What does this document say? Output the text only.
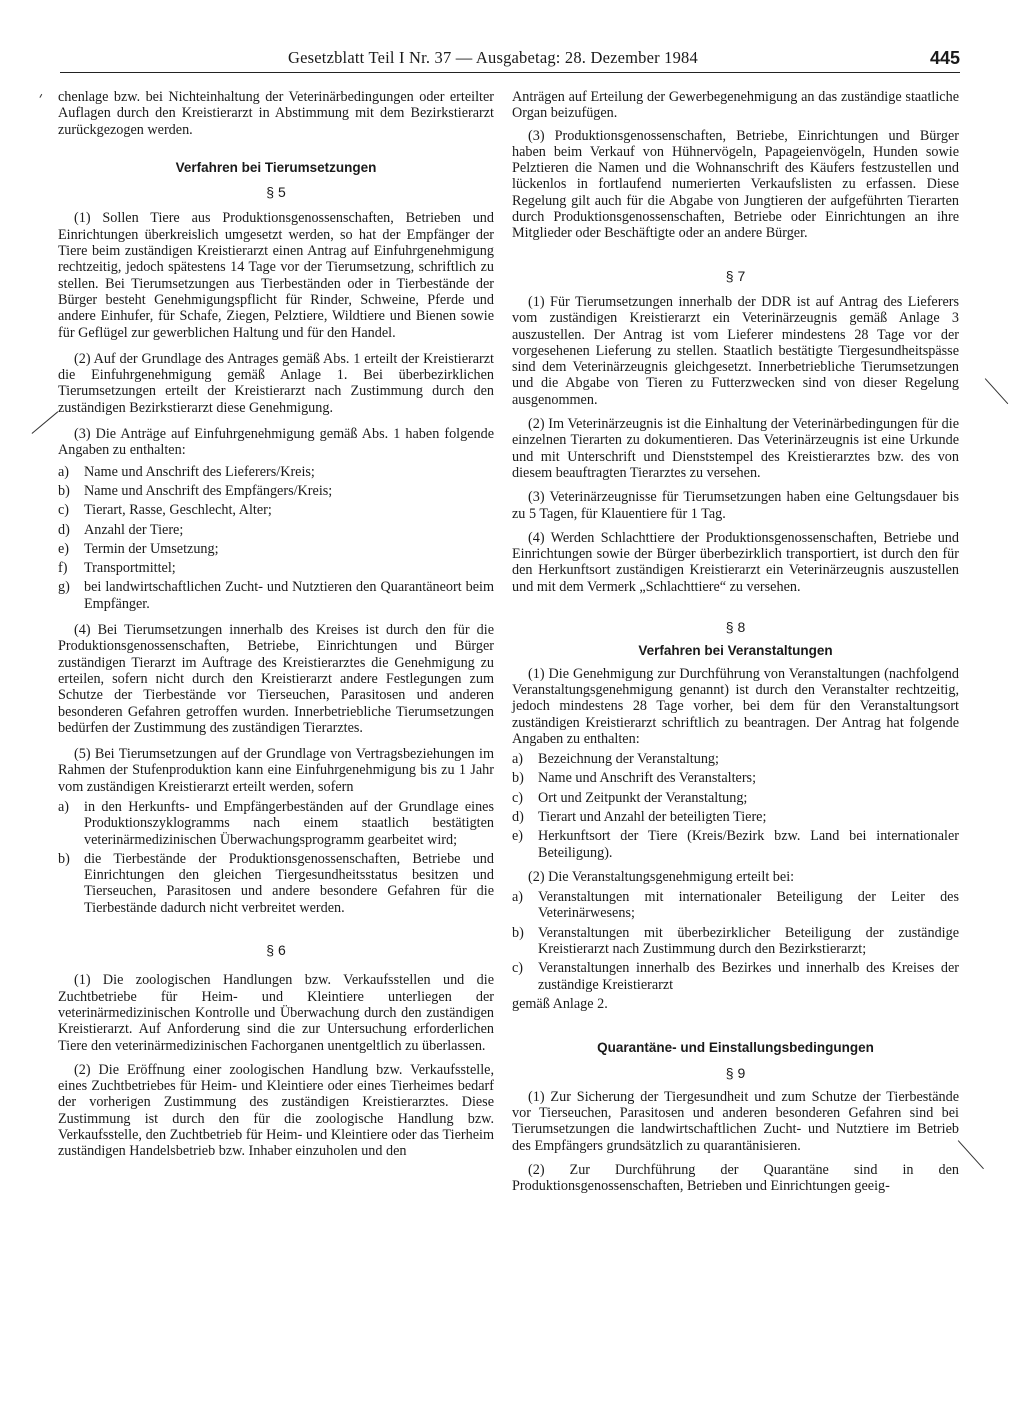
Gesetzblatt Teil I Nr. 37 — Ausgabetag: 28. Dezember 1984	445

chenlage bzw. bei Nichteinhaltung der Veterinärbedingungen oder erteilter Auflagen durch den Kreistierarzt in Abstimmung mit dem Bezirkstierarzt zurückgezogen werden.

Verfahren bei Tierumsetzungen

§ 5

(1) Sollen Tiere aus Produktionsgenossenschaften, Betrieben und Einrichtungen überkreislich umgesetzt werden, so hat der Empfänger der Tiere beim zuständigen Kreistierarzt einen Antrag auf Einfuhrgenehmigung rechtzeitig, jedoch spätestens 14 Tage vor der Tierumsetzung, schriftlich zu stellen. Bei Tierumsetzungen aus Tierbeständen oder in Tierbestände der Bürger besteht Genehmigungspflicht für Rinder, Schweine, Pferde und andere Einhufer, für Schafe, Ziegen, Pelztiere, Wildtiere und Bienen sowie für Geflügel zur gewerblichen Haltung und für den Handel.

(2) Auf der Grundlage des Antrages gemäß Abs. 1 erteilt der Kreistierarzt die Einfuhrgenehmigung gemäß Anlage 1. Bei überbezirklichen Tierumsetzungen erteilt der Kreistierarzt nach Zustimmung durch den zuständigen Bezirkstierarzt diese Genehmigung.

(3) Die Anträge auf Einfuhrgenehmigung gemäß Abs. 1 haben folgende Angaben zu enthalten:

a)	Name und Anschrift des Lieferers/Kreis;
b) Name und Anschrift des Empfängers/Kreis;
c)	Tierart, Rasse, Geschlecht, Alter;
d) Anzahl der Tiere;
e)	Termin der Umsetzung;
f)	Transportmittel;
g) bei landwirtschaftlichen Zucht- und Nutztieren den Quarantäneort beim Empfänger.

(4) Bei Tierumsetzungen innerhalb des Kreises ist durch den für die Produktionsgenossenschaften, Betriebe, Einrichtungen und Bürger zuständigen Tierarzt im Auftrage des Kreistierarztes die Genehmigung zu erteilen, sofern nicht durch den Kreistierarzt andere Festlegungen zum Schutze der Tierbestände vor Tierseuchen, Parasitosen und anderen besonderen Gefahren getroffen wurden. Innerbetriebliche Tierumsetzungen bedürfen der Zustimmung des zuständigen Tierarztes.

(5) Bei Tierumsetzungen auf der Grundlage von Vertragsbeziehungen im Rahmen der Stufenproduktion kann eine Einfuhrgenehmigung bis zu 1 Jahr vom zuständigen Kreistierarzt erteilt werden, sofern

a)	in den Herkunfts- und Empfängerbeständen auf der Grundlage eines Produktionszyklogramms nach einem staatlich bestätigten veterinärmedizinischen Überwachungsprogramm gearbeitet wird;
b) die Tierbestände der Produktionsgenossenschaften, Betriebe und Einrichtungen den gleichen Tiergesundheitsstatus besitzen und Tierseuchen, Parasitosen und andere besondere Gefahren für die Tierbestände dadurch nicht verbreitet werden.

§ 6

(1) Die zoologischen Handlungen bzw. Verkaufsstellen und die Zuchtbetriebe für Heim- und Kleintiere unterliegen der veterinärmedizinischen Kontrolle und Überwachung durch den zuständigen Kreistierarzt. Auf Anforderung sind die zur Untersuchung erforderlichen Tiere den veterinärmedizinischen Fachorganen unentgeltlich zu überlassen.

(2) Die Eröffnung einer zoologischen Handlung bzw. Verkaufsstelle, eines Zuchtbetriebes für Heim- und Kleintiere oder eines Tierheimes bedarf der vorherigen Zustimmung des zuständigen Kreistierarztes. Diese Zustimmung ist durch den für die zoologische Handlung bzw. Verkaufsstelle, den Zuchtbetrieb für Heim- und Kleintiere oder das Tierheim zuständigen Handelsbetrieb bzw. Inhaber einzuholen und den

Anträgen auf Erteilung der Gewerbegenehmigung an das zuständige staatliche Organ beizufügen.

(3) Produktionsgenossenschaften, Betriebe, Einrichtungen und Bürger haben beim Verkauf von Hühnervögeln, Papageienvögeln, Hunden sowie Pelztieren die Namen und die Wohnanschrift des Käufers festzustellen und lückenlos in fortlaufend numerierten Verkaufslisten zu erfassen. Diese Regelung gilt auch für die Abgabe von Jungtieren der aufgeführten Tierarten durch Produktionsgenossenschaften, Betriebe oder Einrichtungen an ihre Mitglieder oder Beschäftigte oder an andere Bürger.

§ 7

(1) Für Tierumsetzungen innerhalb der DDR ist auf Antrag des Lieferers vom zuständigen Kreistierarzt ein Veterinärzeugnis gemäß Anlage 3 auszustellen. Der Antrag ist vom Lieferer mindestens 28 Tage vor der vorgesehenen Lieferung zu stellen. Staatlich bestätigte Tiergesundheitspässe sind dem Veterinärzeugnis gleichgesetzt. Innerbetriebliche Tierumsetzungen und die Abgabe von Tieren zu Futterzwecken sind von dieser Regelung ausgenommen.

(2) Im Veterinärzeugnis ist die Einhaltung der Veterinärbedingungen für die einzelnen Tierarten zu dokumentieren. Das Veterinärzeugnis ist eine Urkunde und mit Unterschrift und Dienststempel des Kreistierarztes bzw. des von diesem beauftragten Tierarztes zu versehen.

(3) Veterinärzeugnisse für Tierumsetzungen haben eine Geltungsdauer bis zu 5 Tagen, für Klauentiere für 1 Tag.

(4) Werden Schlachttiere der Produktionsgenossenschaften, Betriebe und Einrichtungen sowie der Bürger überbezirklich transportiert, ist durch den für den Herkunftsort zuständigen Kreistierarzt ein Veterinärzeugnis auszustellen und mit dem Vermerk „Schlachttiere“ zu versehen.

§ 8

Verfahren bei Veranstaltungen

(1) Die Genehmigung zur Durchführung von Veranstaltungen (nachfolgend Veranstaltungsgenehmigung genannt) ist durch den Veranstalter rechtzeitig, jedoch mindestens 28 Tage vorher, bei dem für den Veranstaltungsort zuständigen Kreistierarzt schriftlich zu beantragen. Der Antrag hat folgende Angaben zu enthalten:

a)	Bezeichnung der Veranstaltung;
b) Name und Anschrift des Veranstalters;
c)	Ort und Zeitpunkt der Veranstaltung;
d) Tierart und Anzahl der beteiligten Tiere;
e)	Herkunftsort der Tiere (Kreis/Bezirk bzw. Land bei internationaler Beteiligung).

(2) Die Veranstaltungsgenehmigung erteilt bei:

a)	Veranstaltungen mit internationaler Beteiligung der Leiter des Veterinärwesens;
b) Veranstaltungen mit überbezirklicher Beteiligung der zuständige Kreistierarzt nach Zustimmung durch den Bezirkstierarzt;
c)	Veranstaltungen innerhalb des Bezirkes und innerhalb des Kreises der zuständige Kreistierarzt

gemäß Anlage 2.

Quarantäne- und Einstallungsbedingungen

§ 9

(1) Zur Sicherung der Tiergesundheit und zum Schutze der Tierbestände vor Tierseuchen, Parasitosen und anderen besonderen Gefahren sind bei Tierumsetzungen die landwirtschaftlichen Zucht- und Nutztiere im Betrieb des Empfängers grundsätzlich zu quarantänisieren.

(2) Zur Durchführung der Quarantäne sind in den Produktionsgenossenschaften, Betrieben und Einrichtungen geeig-
